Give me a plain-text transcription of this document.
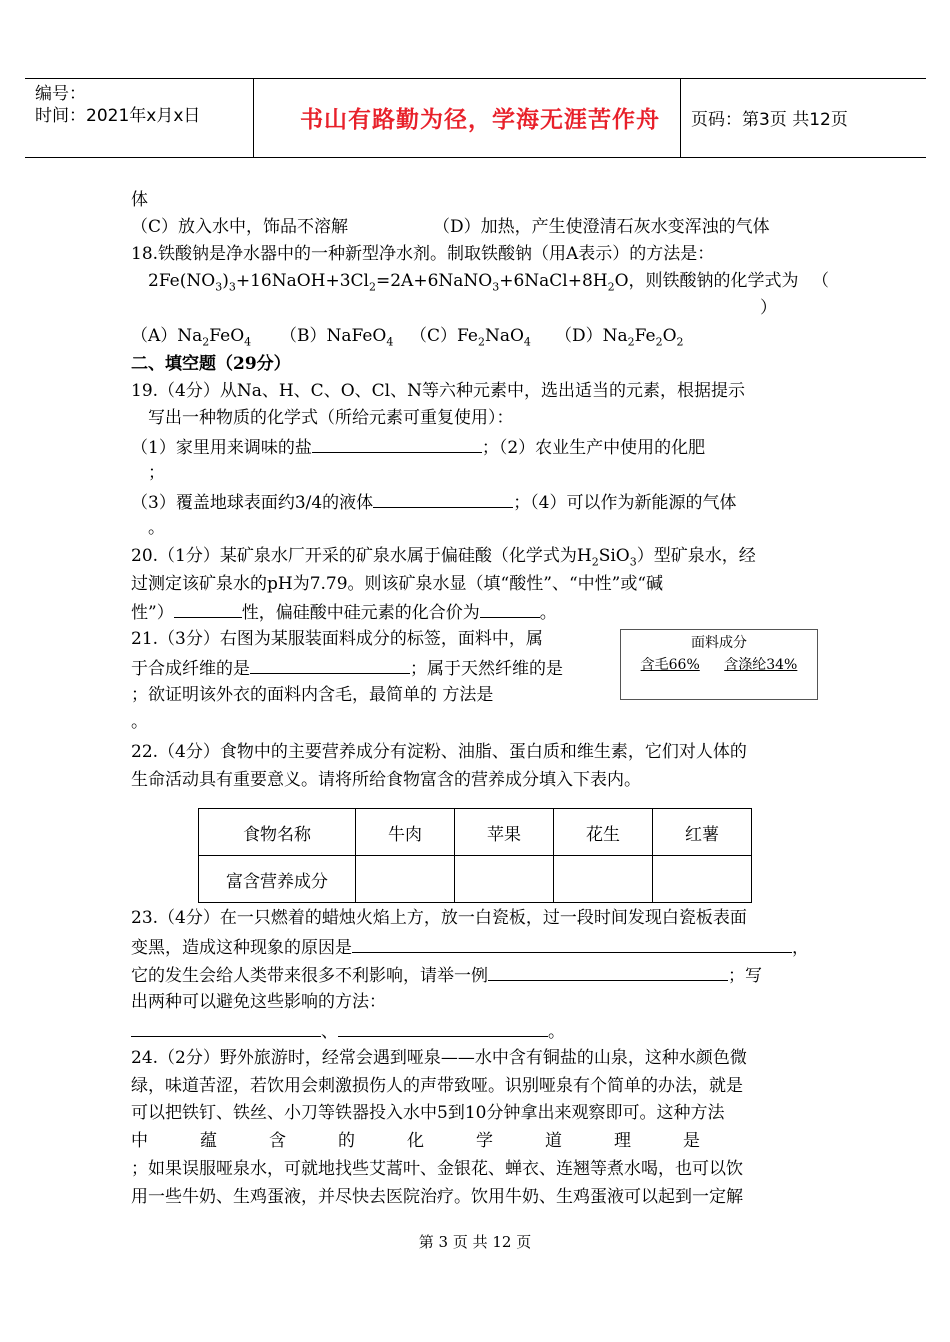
编号：
时间：2021年x月x日	书山有路勤为径，学海无涯苦作舟	页码：第3页 共12页
体
（C）放入水中，饰品不溶解	（D）加热，产生使澄清石灰水变浑浊的气体
18.铁酸钠是净水器中的一种新型净水剂。制取铁酸钠（用A表示）的方法是：
$2Fe(NO_3)_3+16NaOH+3Cl_2=2A+6NaNO_3+6NaCl+8H_2O$，则铁酸钠的化学式为 （
）
$(A)Na_2FeO_4$ （B）NaFeO$_4$ $(C)Fe_2NaO_4$ $(D)Na_2Fe_2O_2$
二、填空题（29分）
19.（4分）从Na、H、C、O、Cl、N等六种元素中，选出适当的元素，根据提示
写出一种物质的化学式（所给元素可重复使用）：
（1）家里用来调味的盐	；（2）农业生产中使用的化肥
；
（3）覆盖地球表面约3/4的液体	；（4）可以作为新能源的气体
。
20.（1分）某矿泉水厂开采的矿泉水属于偏硅酸（化学式为$H_2SiO_3$）型矿泉水，经
过测定该矿泉水的pH为7.79。则该矿泉水显（填“酸性”、“中性”或“碱
性”）	性，偏硅酸中硅元素的化合价为	。
21.（3分）右图为某服装面料成分的标签，面料中，属
于合成纤维的是	；属于天然纤维的是
；欲证明该外衣的面料内含毛，最简单的 方法是
。
面料成分
含毛66% 含涤纶34%
22.（4分）食物中的主要营养成分有淀粉、油脂、蛋白质和维生素，它们对人体的
生命活动具有重要意义。请将所给食物富含的营养成分填入下表内。
食物名称	牛肉	苹果	花生	红薯
富含营养成分				
23.（4分）在一只燃着的蜡烛火焰上方，放一白瓷板，过一段时间发现白瓷板表面
变黑，造成这种现象的原因是	，
它的发生会给人类带来很多不利影响，请举一例	；写
出两种可以避免这些影响的方法：
、	。
24.（2分）野外旅游时，经常会遇到哑泉——水中含有铜盐的山泉，这种水颜色微
绿，味道苦涩，若饮用会刺激损伤人的声带致哑。识别哑泉有个简单的办法，就是
可以把铁钉、铁丝、小刀等铁器投入水中5到10分钟拿出来观察即可。这种方法
中蕴含的化学道理是
；如果误服哑泉水，可就地找些艾蒿叶、金银花、蝉衣、连翘等煮水喝，也可以饮
用一些牛奶、生鸡蛋液，并尽快去医院治疗。饮用牛奶、生鸡蛋液可以起到一定解
第 3 页 共 12 页
